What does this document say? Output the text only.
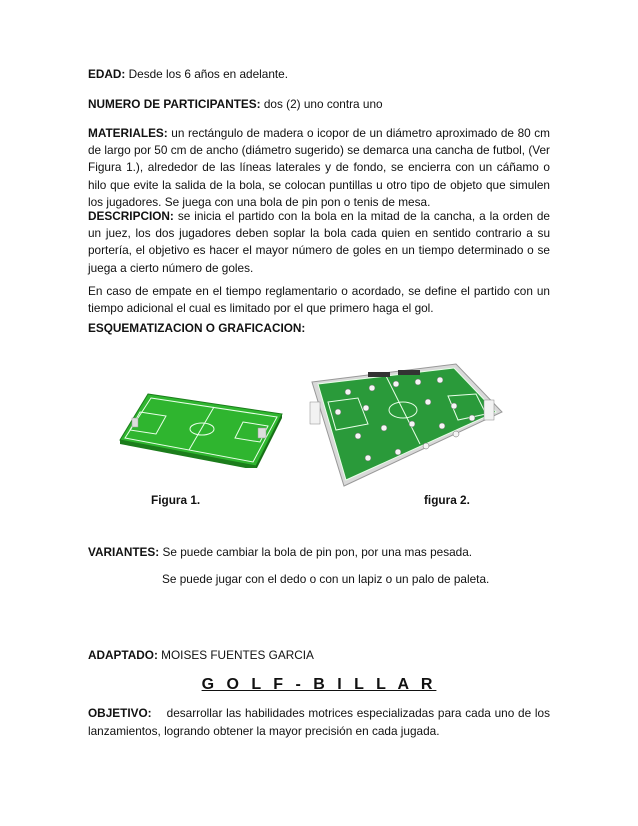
EDAD: Desde los 6 años en adelante.

NUMERO DE PARTICIPANTES: dos (2) uno contra uno

MATERIALES: un rectángulo de madera o icopor de un diámetro aproximado de 80 cm de largo por 50 cm de ancho (diámetro sugerido) se demarca una cancha de futbol, (Ver Figura 1.), alrededor de las líneas laterales y de fondo, se encierra con un cáñamo o hilo que evite la salida de la bola, se colocan puntillas u otro tipo de objeto que simulen los jugadores. Se juega con una bola de pin pon o tenis de mesa.

DESCRIPCION: se inicia el partido con la bola en la mitad de la cancha, a la orden de un juez, los dos jugadores deben soplar la bola cada quien en sentido contrario a su portería, el objetivo es hacer el mayor número de goles en un tiempo determinado o se juega a cierto número de goles.

En caso de empate en el tiempo reglamentario o acordado, se define el partido con un tiempo adicional el cual es limitado por el que primero haga el gol.

ESQUEMATIZACION O GRAFICACION:

Figura 1.	figura 2.

VARIANTES: Se puede cambiar la bola de pin pon, por una mas pesada.

Se puede jugar con el dedo o con un lapiz o un palo de paleta.

ADAPTADO: MOISES FUENTES GARCIA

G O L F - B I L L A R

OBJETIVO: desarrollar las habilidades motrices especializadas para cada uno de los lanzamientos, logrando obtener la mayor precisión en cada jugada.
